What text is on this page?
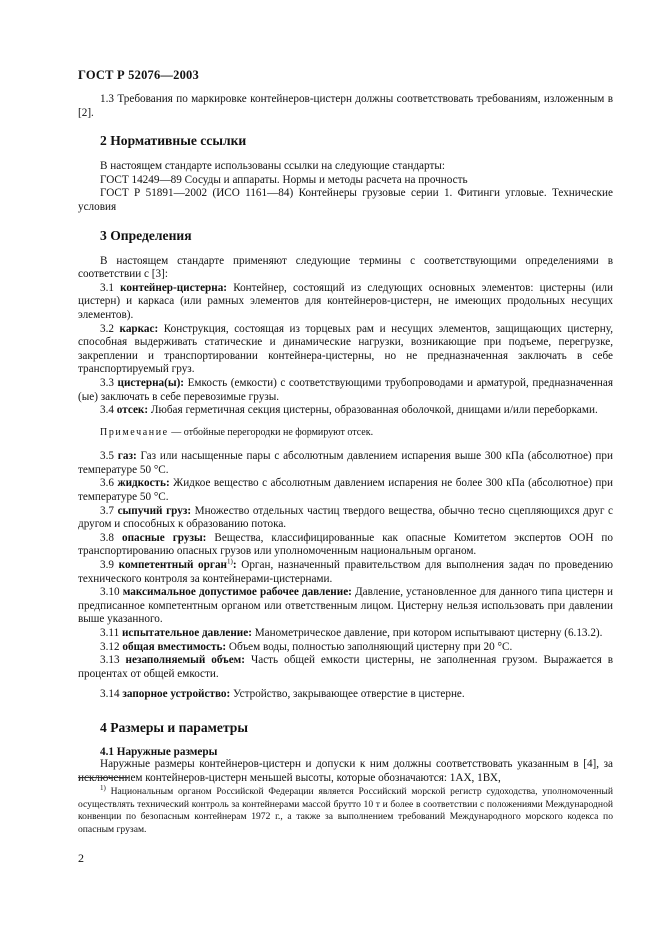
ГОСТ Р 52076—2003

1.3 Требования по маркировке контейнеров-цистерн должны соответствовать требованиям, изложенным в [2].

2 Нормативные ссылки

В настоящем стандарте использованы ссылки на следующие стандарты:

ГОСТ 14249—89 Сосуды и аппараты. Нормы и методы расчета на прочность

ГОСТ Р 51891—2002 (ИСО 1161—84) Контейнеры грузовые серии 1. Фитинги угловые. Технические условия

3 Определения

В настоящем стандарте применяют следующие термины с соответствующими определениями в соответствии с [3]:

3.1 контейнер-цистерна: Контейнер, состоящий из следующих основных элементов: цистерны (или цистерн) и каркаса (или рамных элементов для контейнеров-цистерн, не имеющих продольных несущих элементов).

3.2 каркас: Конструкция, состоящая из торцевых рам и несущих элементов, защищающих цистерну, способная выдерживать статические и динамические нагрузки, возникающие при подъеме, перегрузке, закреплении и транспортировании контейнера-цистерны, но не предназначенная заключать в себе транспортируемый груз.

3.3 цистерна(ы): Емкость (емкости) с соответствующими трубопроводами и арматурой, предназначенная (ые) заключать в себе перевозимые грузы.

3.4 отсек: Любая герметичная секция цистерны, образованная оболочкой, днищами и/или переборками.

Примечание — отбойные перегородки не формируют отсек.

3.5 газ: Газ или насыщенные пары с абсолютным давлением испарения выше 300 кПа (абсолютное) при температуре 50 °С.

3.6 жидкость: Жидкое вещество с абсолютным давлением испарения не более 300 кПа (абсолютное) при температуре 50 °С.

3.7 сыпучий груз: Множество отдельных частиц твердого вещества, обычно тесно сцепляющихся друг с другом и способных к образованию потока.

3.8 опасные грузы: Вещества, классифицированные как опасные Комитетом экспертов ООН по транспортированию опасных грузов или уполномоченным национальным органом.

3.9 компетентный орган$^{1)}$: Орган, назначенный правительством для выполнения задач по проведению технического контроля за контейнерами-цистернами.

3.10 максимальное допустимое рабочее давление: Давление, установленное для данного типа цистерн и предписанное компетентным органом или ответственным лицом. Цистерну нельзя использовать при давлении выше указанного.

3.11 испытательное давление: Манометрическое давление, при котором испытывают цистерну (6.13.2).

3.12 общая вместимость: Объем воды, полностью заполняющий цистерну при 20 °С.

3.13 незаполняемый объем: Часть общей емкости цистерны, не заполненная грузом. Выражается в процентах от общей емкости.

3.14 запорное устройство: Устройство, закрывающее отверстие в цистерне.

4 Размеры и параметры
4.1 Наружные размеры

Наружные размеры контейнеров-цистерн и допуски к ним должны соответствовать указанным в [4], за исключением контейнеров-цистерн меньшей высоты, которые обозначаются: 1АХ, 1ВХ,

$^{1)}$ Национальным органом Российской Федерации является Российский морской регистр судоходства, уполномоченный осуществлять технический контроль за контейнерами массой брутто 10 т и более в соответствии с положениями Международной конвенции по безопасным контейнерам 1972 г., а также за выполнением требований Международного морского кодекса по опасным грузам.

2
